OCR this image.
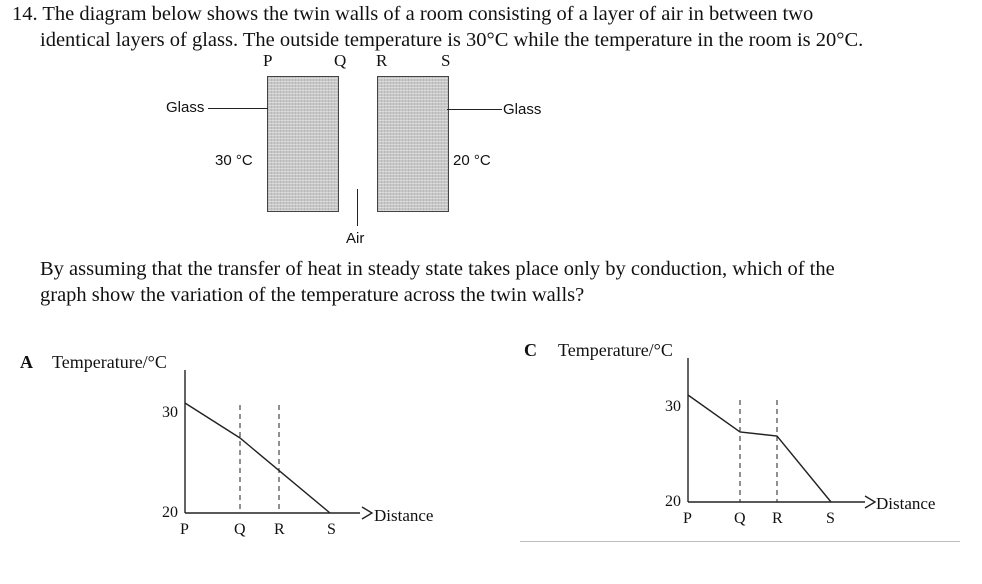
14. The diagram below shows the twin walls of a room consisting of a layer of air in between two
identical layers of glass. The outside temperature is 30°C while the temperature in the room is 20°C.
P	Q R	S
Glass	Glass
30 °C	20 °C
Air
By assuming that the transfer of heat in steady state takes place only by conduction, which of the
graph show the variation of the temperature across the twin walls?
A Temperature/°C
30
20
P	Q R	S
Distance
C Temperature/°C
30
20
P	Q R	S
Distance
